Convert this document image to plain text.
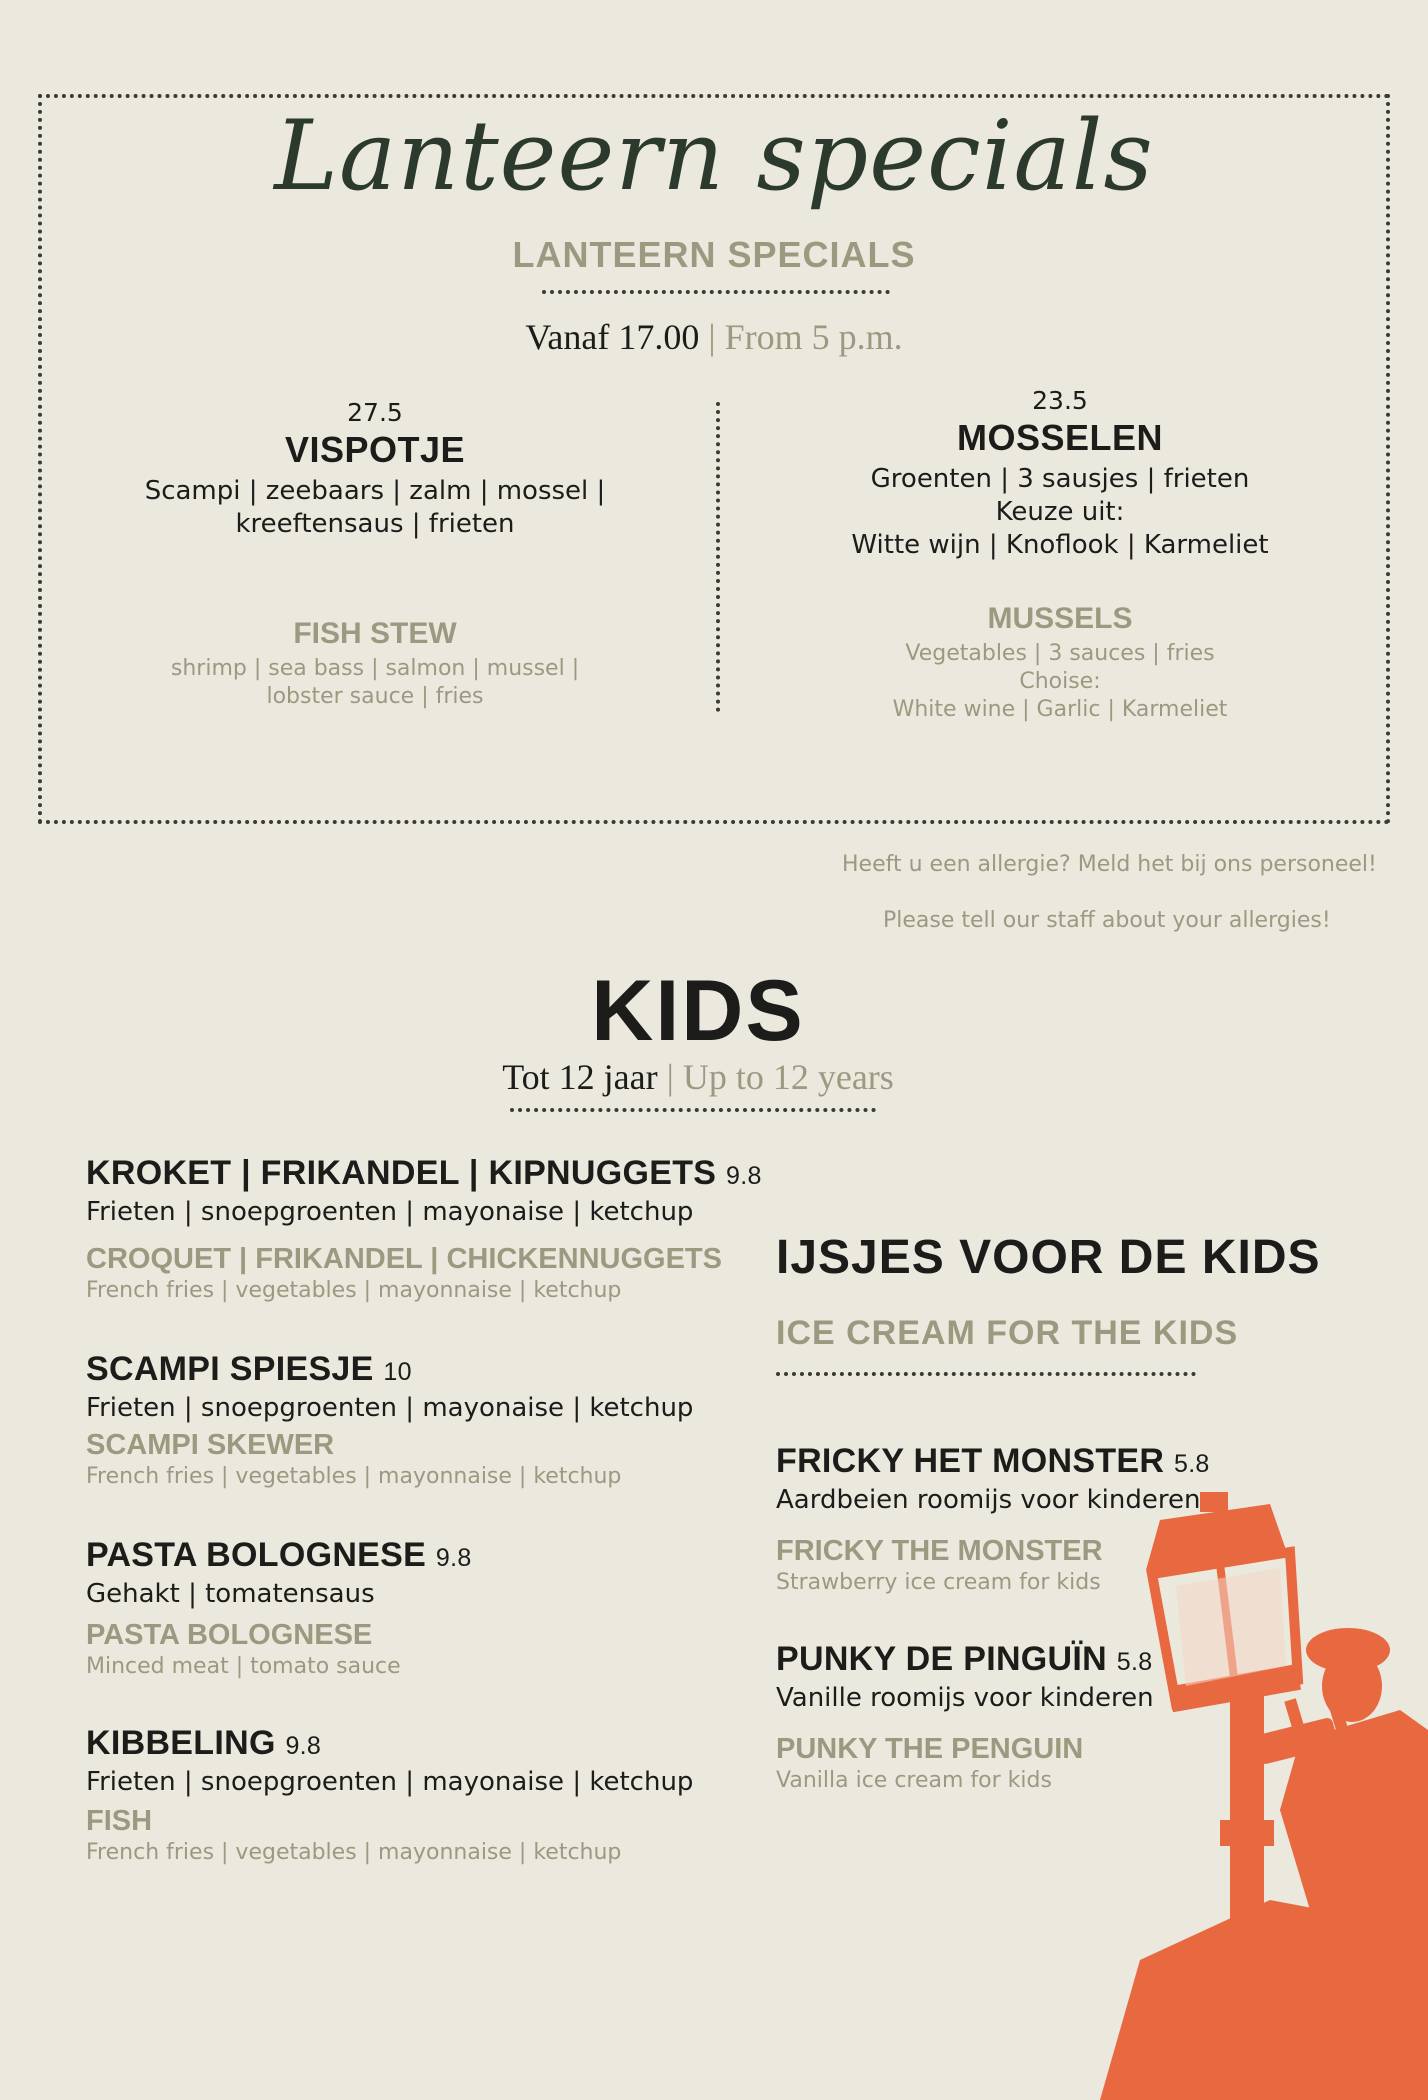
Lanteern specials
LANTEERN SPECIALS
Vanaf 17.00 | From 5 p.m.
27.5
VISPOTJE
Scampi | zeebaars | zalm | mossel |
kreeftensaus | frieten
FISH STEW
shrimp | sea bass | salmon | mussel |
lobster sauce | fries
23.5
MOSSELEN
Groenten | 3 sausjes | frieten
Keuze uit:
Witte wijn | Knoflook | Karmeliet
MUSSELS
Vegetables | 3 sauces | fries
Choise:
White wine | Garlic | Karmeliet
Heeft u een allergie? Meld het bij ons personeel!
Please tell our staff about your allergies!
KIDS
Tot 12 jaar | Up to 12 years
KROKET | FRIKANDEL | KIPNUGGETS 9.8
Frieten | snoepgroenten | mayonaise | ketchup
CROQUET | FRIKANDEL | CHICKENNUGGETS
French fries | vegetables | mayonnaise | ketchup
SCAMPI SPIESJE 10
Frieten | snoepgroenten | mayonaise | ketchup
SCAMPI SKEWER
French fries | vegetables | mayonnaise | ketchup
PASTA BOLOGNESE 9.8
Gehakt | tomatensaus
PASTA BOLOGNESE
Minced meat | tomato sauce
KIBBELING 9.8
Frieten | snoepgroenten | mayonaise | ketchup
FISH
French fries | vegetables | mayonnaise | ketchup
IJSJES VOOR DE KIDS
ICE CREAM FOR THE KIDS
FRICKY HET MONSTER 5.8
Aardbeien roomijs voor kinderen
FRICKY THE MONSTER
Strawberry ice cream for kids
PUNKY DE PINGUÏN 5.8
Vanille roomijs voor kinderen
PUNKY THE PENGUIN
Vanilla ice cream for kids
